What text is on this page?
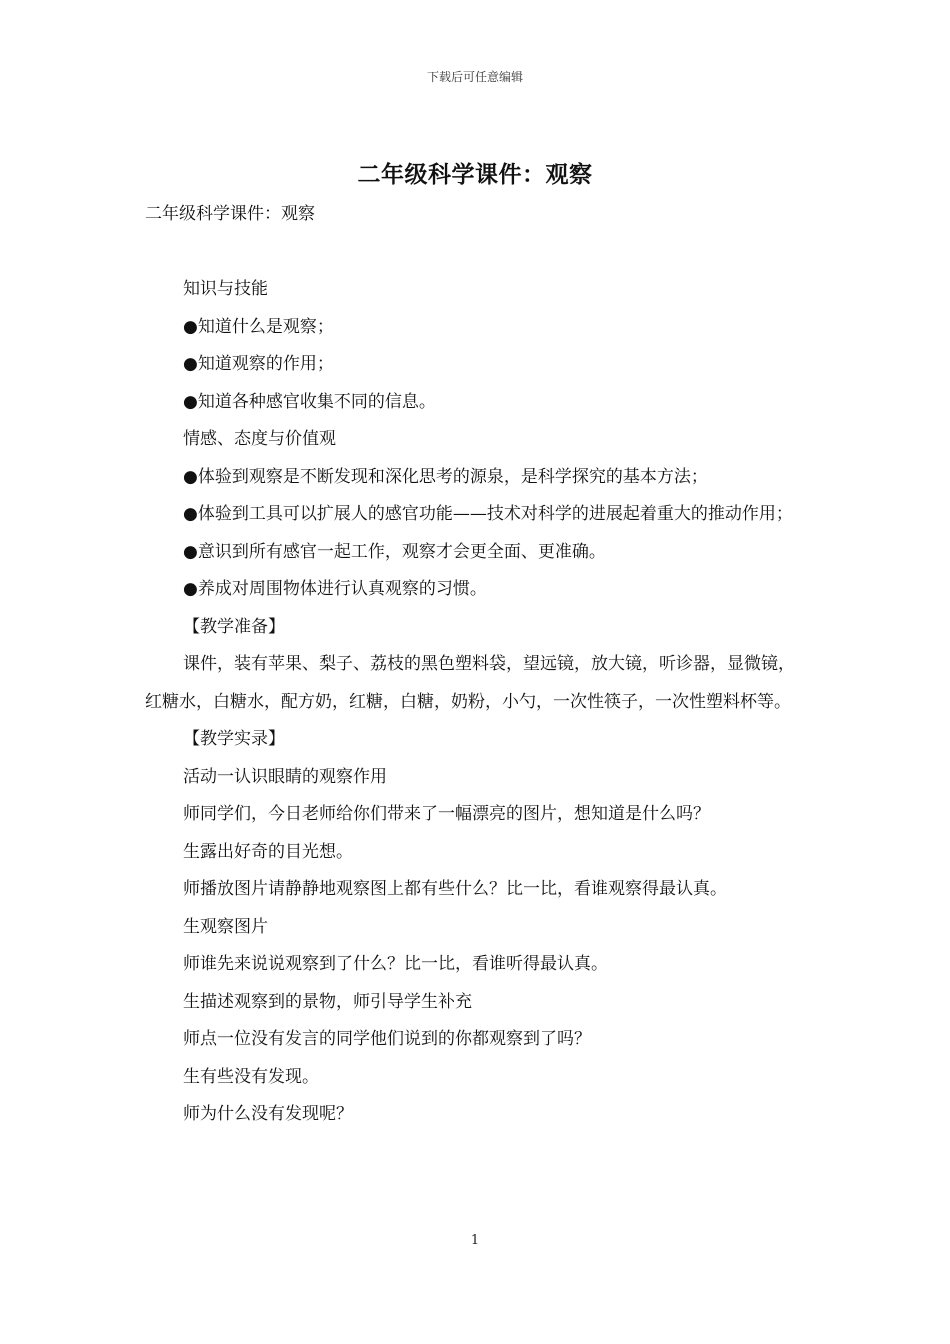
下载后可任意编辑
二年级科学课件：观察

二年级科学课件：观察

知识与技能

●知道什么是观察；

●知道观察的作用；

●知道各种感官收集不同的信息。

情感、态度与价值观

●体验到观察是不断发现和深化思考的源泉，是科学探究的基本方法；

●体验到工具可以扩展人的感官功能——技术对科学的进展起着重大的推动作用；

●意识到所有感官一起工作，观察才会更全面、更准确。

●养成对周围物体进行认真观察的习惯。

【教学准备】

课件，装有苹果、梨子、荔枝的黑色塑料袋，望远镜，放大镜，听诊器，显微镜，红糖水，白糖水，配方奶，红糖，白糖，奶粉，小勺，一次性筷子，一次性塑料杯等。

【教学实录】

活动一认识眼睛的观察作用

师同学们，今日老师给你们带来了一幅漂亮的图片，想知道是什么吗？

生露出好奇的目光想。

师播放图片请静静地观察图上都有些什么？比一比，看谁观察得最认真。

生观察图片

师谁先来说说观察到了什么？比一比，看谁听得最认真。

生描述观察到的景物，师引导学生补充

师点一位没有发言的同学他们说到的你都观察到了吗？

生有些没有发现。

师为什么没有发现呢？

1
